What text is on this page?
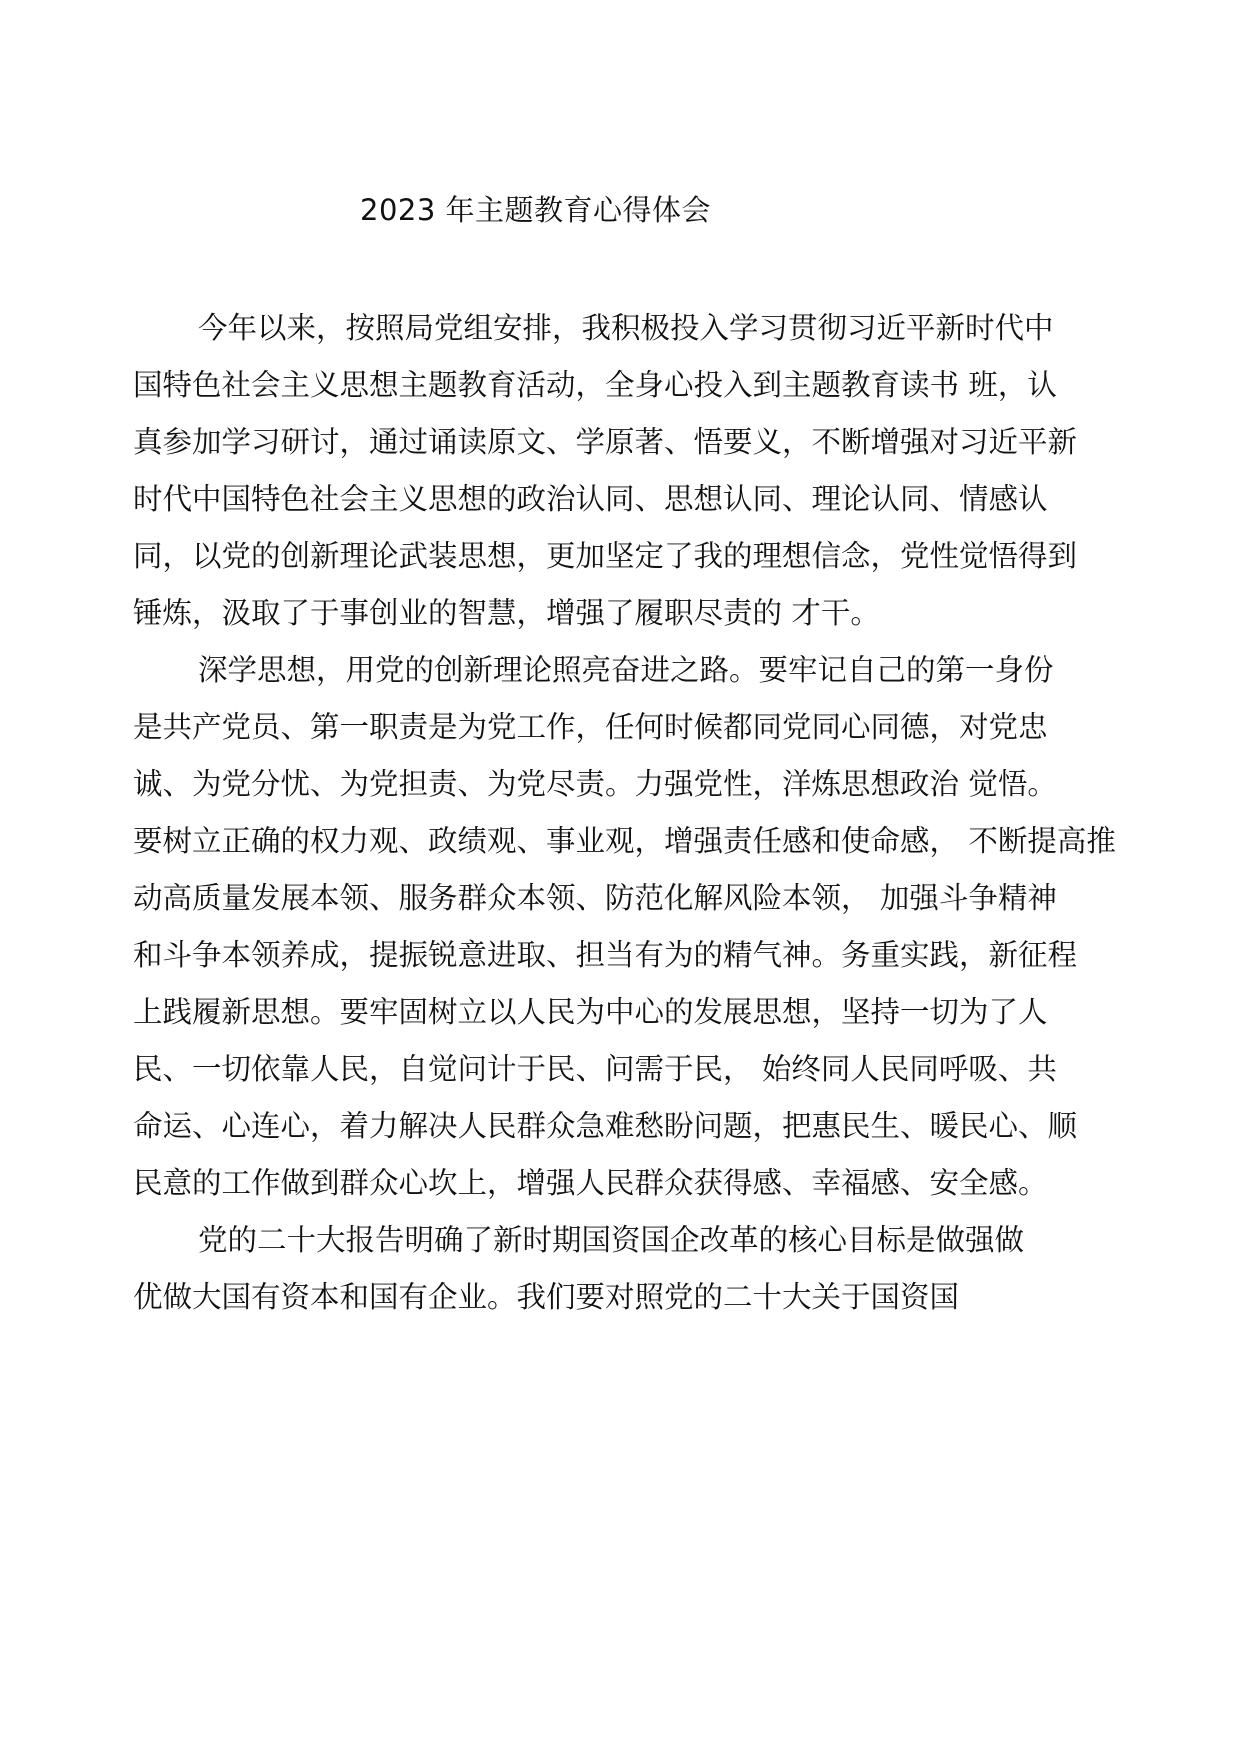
2023 年主题教育心得体会
今年以来，按照局党组安排，我积极投入学习贯彻习近平新时代中
国特色社会主义思想主题教育活动，全身心投入到主题教育读书 班，认
真参加学习研讨，通过诵读原文、学原著、悟要义，不断增强对习近平新
时代中国特色社会主义思想的政治认同、思想认同、理论认同、情感认
同，以党的创新理论武装思想，更加坚定了我的理想信念，党性觉悟得到
锤炼，汲取了于事创业的智慧，增强了履职尽责的 才干。
深学思想，用党的创新理论照亮奋进之路。要牢记自己的第一身份
是共产党员、第一职责是为党工作，任何时候都同党同心同德，对党忠
诚、为党分忧、为党担责、为党尽责。力强党性，洋炼思想政治 觉悟。
要树立正确的权力观、政绩观、事业观，增强责任感和使命感， 不断提高推
动高质量发展本领、服务群众本领、防范化解风险本领， 加强斗争精神
和斗争本领养成，提振锐意进取、担当有为的精气神。务重实践，新征程
上践履新思想。要牢固树立以人民为中心的发展思想，坚持一切为了人
民、一切依靠人民，自觉问计于民、问需于民， 始终同人民同呼吸、共
命运、心连心，着力解决人民群众急难愁盼问题，把惠民生、暖民心、顺
民意的工作做到群众心坎上，增强人民群众获得感、幸福感、安全感。
党的二十大报告明确了新时期国资国企改革的核心目标是做强做
优做大国有资本和国有企业。我们要对照党的二十大关于国资国
